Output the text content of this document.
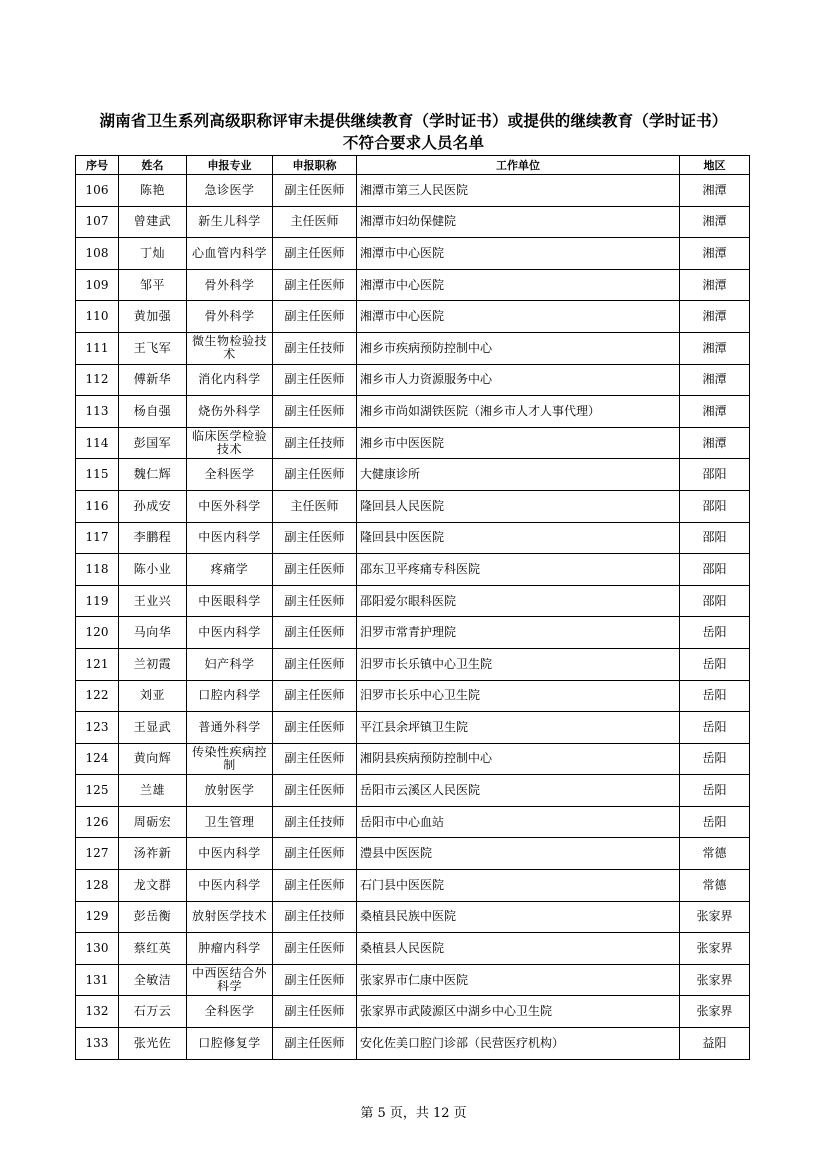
湖南省卫生系列高级职称评审未提供继续教育（学时证书）或提供的继续教育（学时证书）
不符合要求人员名单
序号	姓名	申报专业	申报职称	工作单位	地区
106	陈艳	急诊医学	副主任医师	湘潭市第三人民医院	湘潭
107	曾建武	新生儿科学	主任医师	湘潭市妇幼保健院	湘潭
108	丁灿	心血管内科学	副主任医师	湘潭市中心医院	湘潭
109	邹平	骨外科学	副主任医师	湘潭市中心医院	湘潭
110	黄加强	骨外科学	副主任医师	湘潭市中心医院	湘潭
111	王飞军	微生物检验技术	副主任技师	湘乡市疾病预防控制中心	湘潭
112	傅新华	消化内科学	副主任医师	湘乡市人力资源服务中心	湘潭
113	杨自强	烧伤外科学	副主任医师	湘乡市尚如湖铁医院（湘乡市人才人事代理）	湘潭
114	彭国军	临床医学检验技术	副主任技师	湘乡市中医医院	湘潭
115	魏仁辉	全科医学	副主任医师	大健康诊所	邵阳
116	孙成安	中医外科学	主任医师	隆回县人民医院	邵阳
117	李鹏程	中医内科学	副主任医师	隆回县中医医院	邵阳
118	陈小业	疼痛学	副主任医师	邵东卫平疼痛专科医院	邵阳
119	王业兴	中医眼科学	副主任医师	邵阳爱尔眼科医院	邵阳
120	马向华	中医内科学	副主任医师	汨罗市常青护理院	岳阳
121	兰初霞	妇产科学	副主任医师	汨罗市长乐镇中心卫生院	岳阳
122	刘亚	口腔内科学	副主任医师	汨罗市长乐中心卫生院	岳阳
123	王显武	普通外科学	副主任医师	平江县余坪镇卫生院	岳阳
124	黄向辉	传染性疾病控制	副主任医师	湘阴县疾病预防控制中心	岳阳
125	兰雄	放射医学	副主任医师	岳阳市云溪区人民医院	岳阳
126	周砺宏	卫生管理	副主任技师	岳阳市中心血站	岳阳
127	汤祚新	中医内科学	副主任医师	澧县中医医院	常德
128	龙文群	中医内科学	副主任医师	石门县中医医院	常德
129	彭岳衡	放射医学技术	副主任技师	桑植县民族中医院	张家界
130	蔡红英	肿瘤内科学	副主任医师	桑植县人民医院	张家界
131	全敏洁	中西医结合外科学	副主任医师	张家界市仁康中医院	张家界
132	石万云	全科医学	副主任医师	张家界市武陵源区中湖乡中心卫生院	张家界
133	张光佐	口腔修复学	副主任医师	安化佐美口腔门诊部（民营医疗机构）	益阳
第 5 页，共 12 页
